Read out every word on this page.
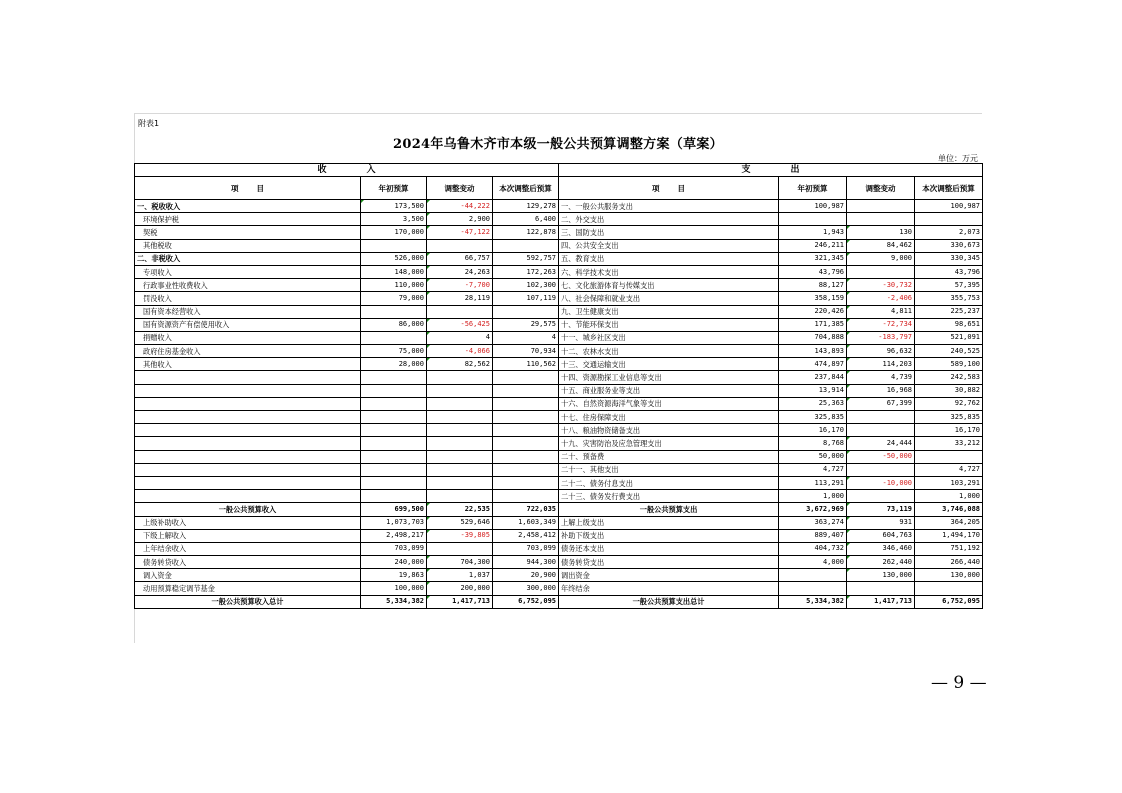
附表1
2024年乌鲁木齐市本级一般公共预算调整方案（草案）
单位：万元
收入				支出			
项目	年初预算	调整变动	本次调整后预算	项目	年初预算	调整变动	本次调整后预算
一、税收收入	173,500	-44,222	129,278	一、一般公共服务支出	100,987		100,987
环境保护税	3,500	2,900	6,400	二、外交支出			
契税	170,000	-47,122	122,878	三、国防支出	1,943	130	2,073
其他税收				四、公共安全支出	246,211	84,462	330,673
二、非税收入	526,000	66,757	592,757	五、教育支出	321,345	9,000	330,345
专项收入	148,000	24,263	172,263	六、科学技术支出	43,796		43,796
行政事业性收费收入	110,000	-7,700	102,300	七、文化旅游体育与传媒支出	88,127	-30,732	57,395
罚没收入	79,000	28,119	107,119	八、社会保障和就业支出	358,159	-2,406	355,753
国有资本经营收入				九、卫生健康支出	220,426	4,811	225,237
国有资源资产有偿使用收入	86,000	-56,425	29,575	十、节能环保支出	171,385	-72,734	98,651
捐赠收入		4	4	十一、城乡社区支出	704,888	-183,797	521,091
政府住房基金收入	75,000	-4,066	70,934	十二、农林水支出	143,893	96,632	240,525
其他收入	28,000	82,562	110,562	十三、交通运输支出	474,897	114,203	589,100
				十四、资源勘探工业信息等支出	237,844	4,739	242,583
				十五、商业服务业等支出	13,914	16,968	30,882
				十六、自然资源海洋气象等支出	25,363	67,399	92,762
				十七、住房保障支出	325,835		325,835
				十八、粮油物资储备支出	16,170		16,170
				十九、灾害防治及应急管理支出	8,768	24,444	33,212
				二十、预备费	50,000	-50,000	
				二十一、其他支出	4,727		4,727
				二十二、债务付息支出	113,291	-10,000	103,291
				二十三、债务发行费支出	1,000		1,000
一般公共预算收入	699,500	22,535	722,035	一般公共预算支出	3,672,969	73,119	3,746,088
上级补助收入	1,073,703	529,646	1,603,349	上解上级支出	363,274	931	364,205
下级上解收入	2,498,217	-39,805	2,458,412	补助下级支出	889,407	604,763	1,494,170
上年结余收入	703,099		703,099	债务还本支出	404,732	346,460	751,192
债务转贷收入	240,000	704,300	944,300	债务转贷支出	4,000	262,440	266,440
调入资金	19,863	1,037	20,900	调出资金		130,000	130,000
动用预算稳定调节基金	100,000	200,000	300,000	年终结余			
一般公共预算收入总计	5,334,382	1,417,713	6,752,095	一般公共预算支出总计	5,334,382	1,417,713	6,752,095
— 9 —
